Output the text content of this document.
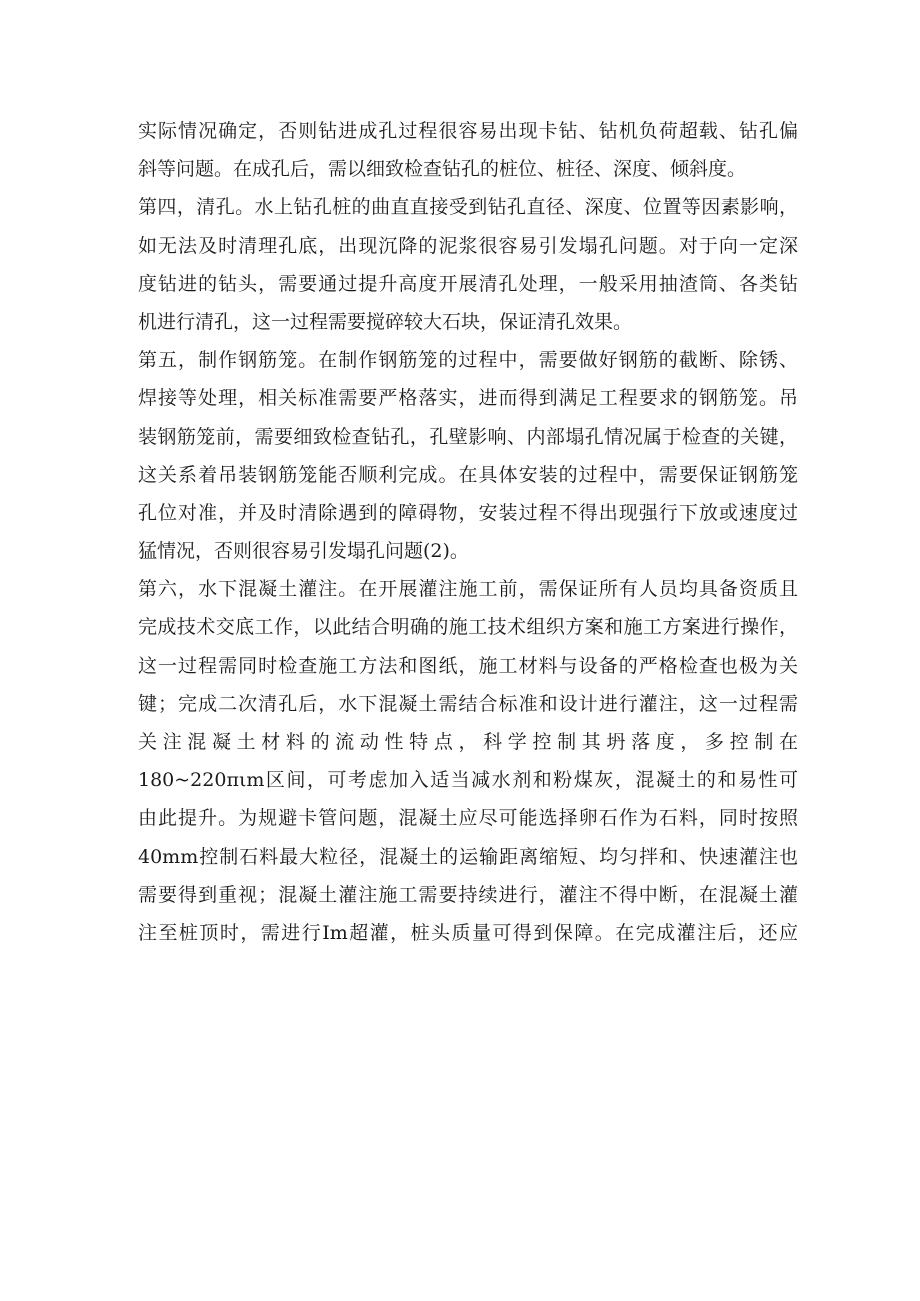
实际情况确定，否则钻进成孔过程很容易出现卡钻、钻机负荷超载、钻孔偏
斜等问题。在成孔后，需以细致检查钻孔的桩位、桩径、深度、倾斜度。
第四，清孔。水上钻孔桩的曲直直接受到钻孔直径、深度、位置等因素影响，
如无法及时清理孔底，出现沉降的泥浆很容易引发塌孔问题。对于向一定深
度钻进的钻头，需要通过提升高度开展清孔处理，一般采用抽渣筒、各类钻
机进行清孔，这一过程需要搅碎较大石块，保证清孔效果。
第五，制作钢筋笼。在制作钢筋笼的过程中，需要做好钢筋的截断、除锈、
焊接等处理，相关标准需要严格落实，进而得到满足工程要求的钢筋笼。吊
装钢筋笼前，需要细致检查钻孔，孔壁影响、内部塌孔情况属于检查的关键，
这关系着吊装钢筋笼能否顺利完成。在具体安装的过程中，需要保证钢筋笼
孔位对准，并及时清除遇到的障碍物，安装过程不得出现强行下放或速度过
猛情况，否则很容易引发塌孔问题(2)。
第六，水下混凝土灌注。在开展灌注施工前，需保证所有人员均具备资质且
完成技术交底工作，以此结合明确的施工技术组织方案和施工方案进行操作，
这一过程需同时检查施工方法和图纸，施工材料与设备的严格检查也极为关
键；完成二次清孔后，水下混凝土需结合标准和设计进行灌注，这一过程需
关注混凝土材料的流动性特点，科学控制其坍落度，多控制在
180~220πιm区间，可考虑加入适当减水剂和粉煤灰，混凝土的和易性可
由此提升。为规避卡管问题，混凝土应尽可能选择卵石作为石料，同时按照
40mm控制石料最大粒径，混凝土的运输距离缩短、均匀拌和、快速灌注也
需要得到重视；混凝土灌注施工需要持续进行，灌注不得中断，在混凝土灌
注至桩顶时，需进行Im超灌，桩头质量可得到保障。在完成灌注后，还应
